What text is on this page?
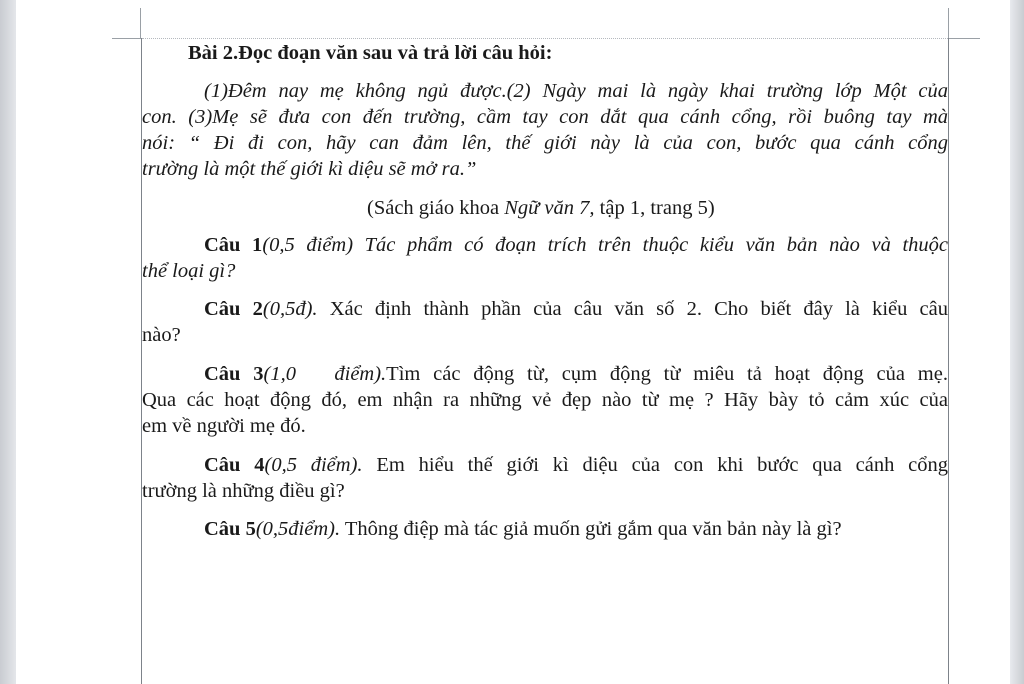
Bài 2.Đọc đoạn văn sau và trả lời câu hỏi:
(1)Đêm nay mẹ không ngủ được.(2) Ngày mai là ngày khai trường lớp Một của
con. (3)Mẹ sẽ đưa con đến trường, cầm tay con dắt qua cánh cổng, rồi buông tay mà
nói: “ Đi đi con, hãy can đảm lên, thế giới này là của con, bước qua cánh cổng
trường là một thế giới kì diệu sẽ mở ra.”
(Sách giáo khoa Ngữ văn 7, tập 1, trang 5)
Câu 1(0,5 điểm) Tác phẩm có đoạn trích trên thuộc kiểu văn bản nào và thuộc
thể loại gì?
Câu 2(0,5đ). Xác định thành phần của câu văn số 2. Cho biết đây là kiểu câu
nào?
Câu 3(1,0   điểm).Tìm các động từ, cụm động từ miêu tả hoạt động của mẹ.
Qua các hoạt động đó, em nhận ra những vẻ đẹp nào từ mẹ ? Hãy bày tỏ cảm xúc của
em về người mẹ đó.
Câu 4(0,5 điểm). Em hiểu thế giới kì diệu của con khi bước qua cánh cổng
trường là những điều gì?
Câu 5(0,5điểm). Thông điệp mà tác giả muốn gửi gắm qua văn bản này là gì?
